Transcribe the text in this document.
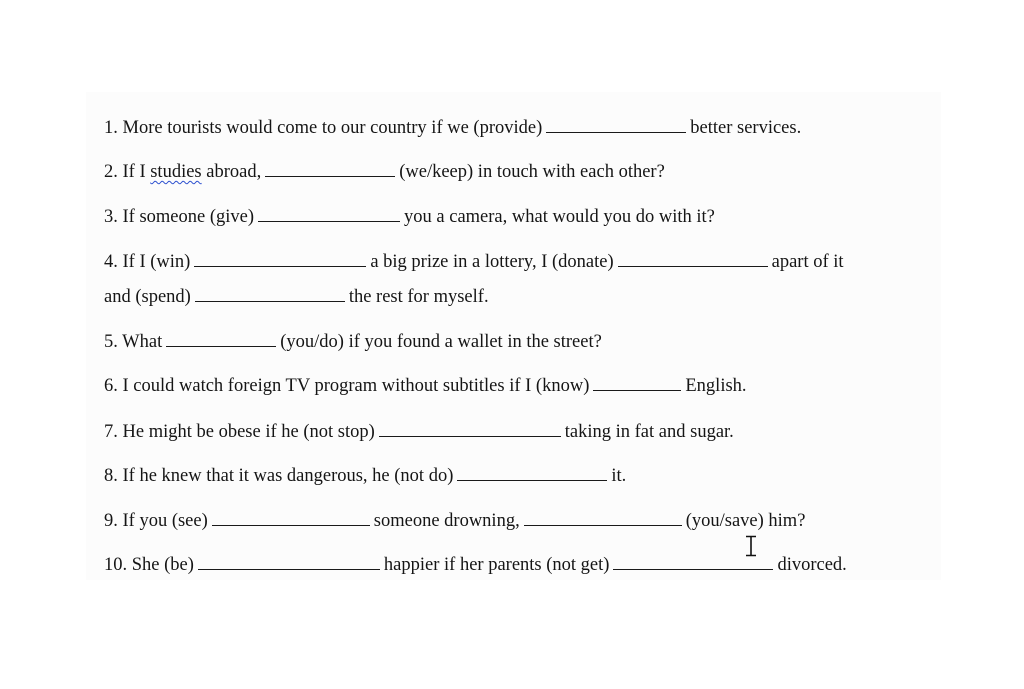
1. More tourists would come to our country if we (provide)	better services.
2. If I studies abroad,	(we/keep) in touch with each other?
3. If someone (give)	you a camera, what would you do with it?
4. If I (win)	a big prize in a lottery, I (donate)	apart of it
and (spend)	the rest for myself.
5. What	(you/do) if you found a wallet in the street?
6. I could watch foreign TV program without subtitles if I (know)	English.
7. He might be obese if he (not stop)	taking in fat and sugar.
8. If he knew that it was dangerous, he (not do)	it.
9. If you (see)	someone drowning,	(you/save) him?
10. She (be)	happier if her parents (not get)	divorced.
